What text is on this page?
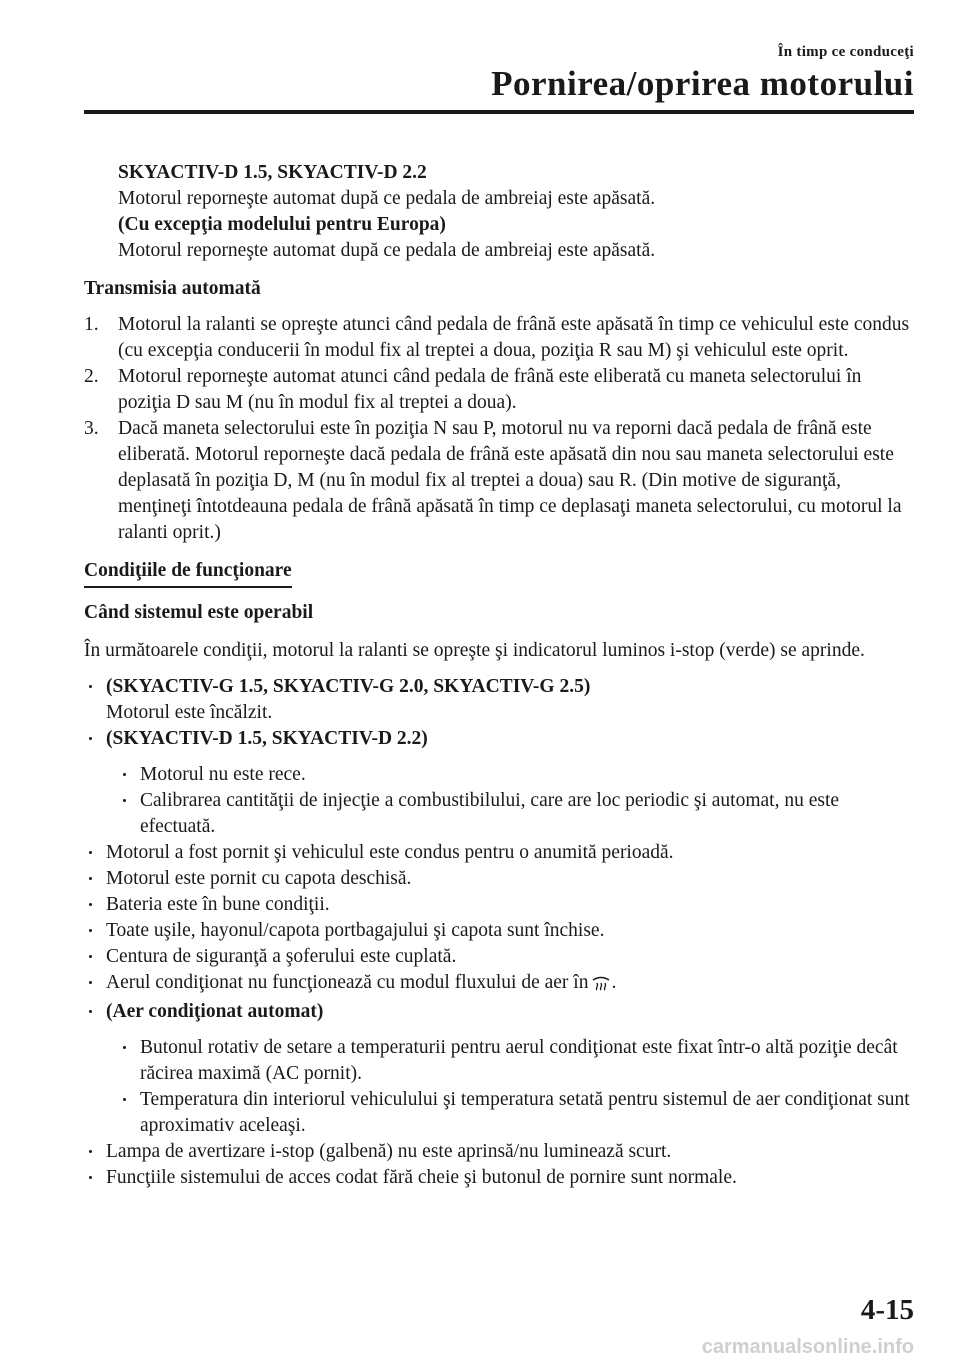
În timp ce conduceţi
Pornirea/oprirea motorului

SKYACTIV-D 1.5, SKYACTIV-D 2.2

Motorul reporneşte automat după ce pedala de ambreiaj este apăsată.

(Cu excepţia modelului pentru Europa)

Motorul reporneşte automat după ce pedala de ambreiaj este apăsată.

Transmisia automată

1. Motorul la ralanti se opreşte atunci când pedala de frână este apăsată în timp ce vehiculul este condus (cu excepţia conducerii în modul fix al treptei a doua, poziţia R sau M) şi vehiculul este oprit.
2. Motorul reporneşte automat atunci când pedala de frână este eliberată cu maneta selectorului în poziţia D sau M (nu în modul fix al treptei a doua).
3. Dacă maneta selectorului este în poziţia N sau P, motorul nu va reporni dacă pedala de frână este eliberată. Motorul reporneşte dacă pedala de frână este apăsată din nou sau maneta selectorului este deplasată în poziţia D, M (nu în modul fix al treptei a doua) sau R. (Din motive de siguranţă, menţineţi întotdeauna pedala de frână apăsată în timp ce deplasaţi maneta selectorului, cu motorul la ralanti oprit.)
Condiţiile de funcţionare

Când sistemul este operabil

În următoarele condiţii, motorul la ralanti se opreşte şi indicatorul luminos i-stop (verde) se aprinde.

(SKYACTIV-G 1.5, SKYACTIV-G 2.0, SKYACTIV-G 2.5)
Motorul este încălzit.
(SKYACTIV-D 1.5, SKYACTIV-D 2.2)
Motorul nu este rece.
Calibrarea cantităţii de injecţie a combustibilului, care are loc periodic şi automat, nu este efectuată.
Motorul a fost pornit şi vehiculul este condus pentru o anumită perioadă.
Motorul este pornit cu capota deschisă.
Bateria este în bune condiţii.
Toate uşile, hayonul/capota portbagajului şi capota sunt închise.
Centura de siguranţă a şoferului este cuplată.
Aerul condiţionat nu funcţionează cu modul fluxului de aer în .
(Aer condiţionat automat)
Butonul rotativ de setare a temperaturii pentru aerul condiţionat este fixat într-o altă poziţie decât răcirea maximă (AC pornit).
Temperatura din interiorul vehiculului şi temperatura setată pentru sistemul de aer condiţionat sunt aproximativ aceleaşi.
Lampa de avertizare i-stop (galbenă) nu este aprinsă/nu luminează scurt.
Funcţiile sistemului de acces codat fără cheie şi butonul de pornire sunt normale.
4-15
carmanualsonline.info
